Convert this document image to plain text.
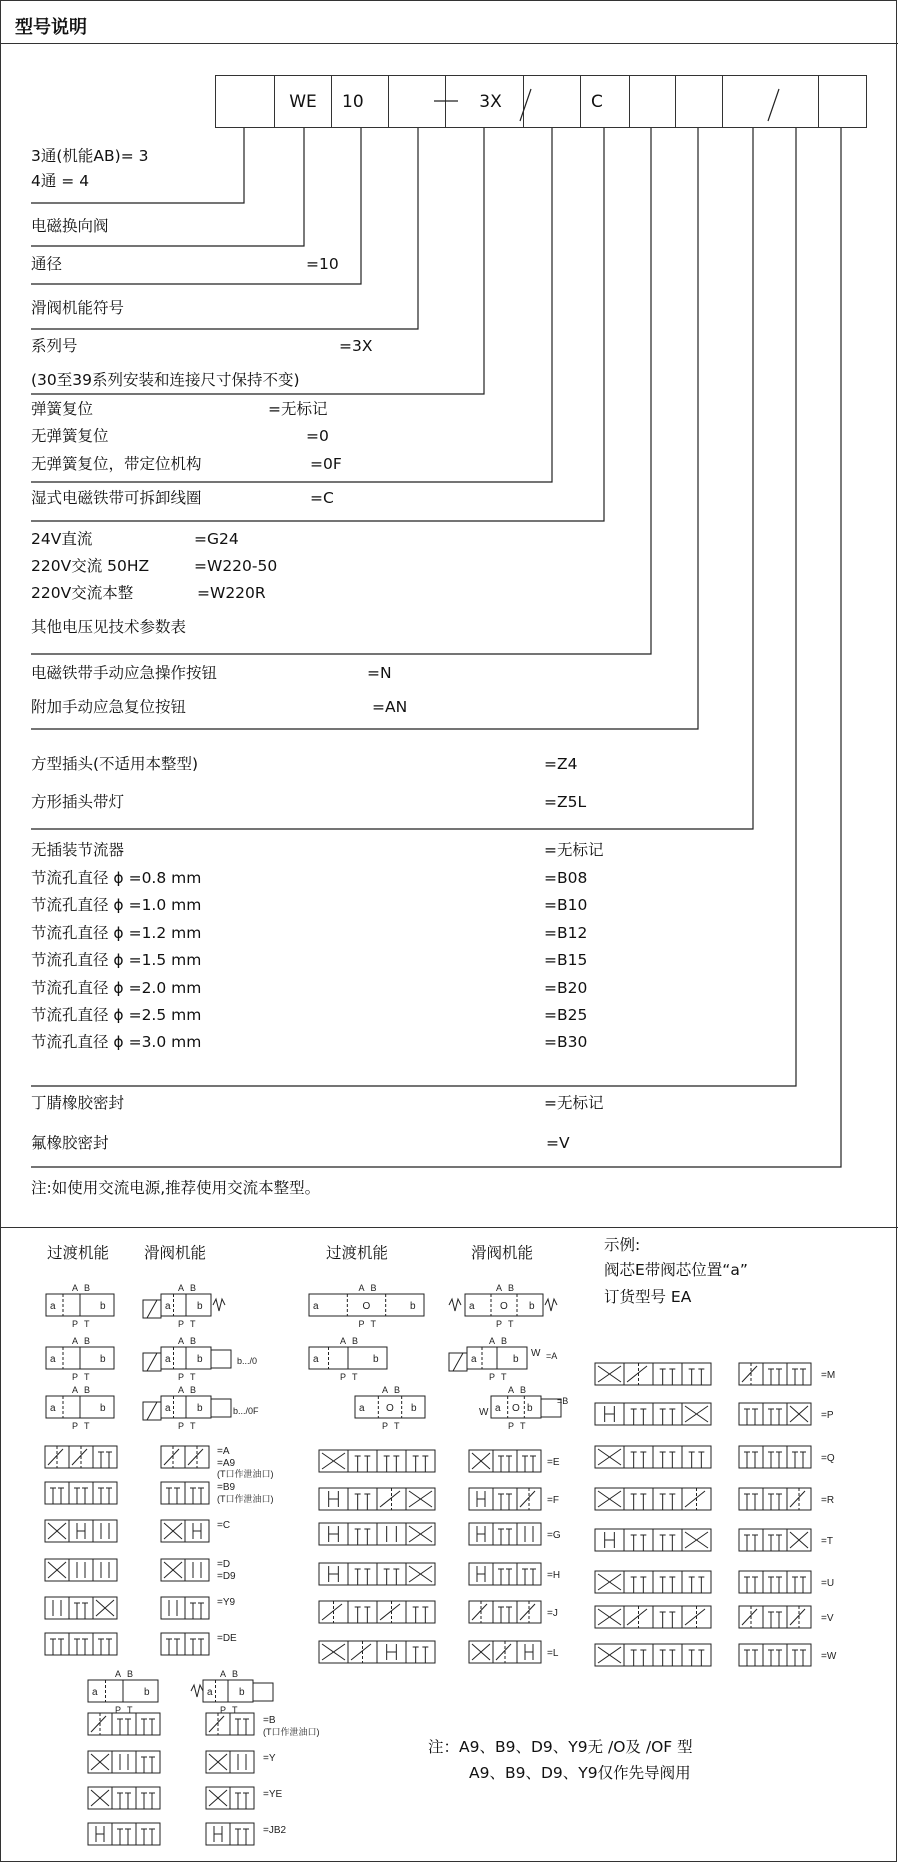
型号说明
WE	10	3X	C
3通(机能AB)= 3
4通 = 4
电磁换向阀
通径	=10
滑阀机能符号
系列号	=3X
(30至39系列安装和连接尺寸保持不变)
弹簧复位	=无标记
无弹簧复位	=0
无弹簧复位，带定位机构	=0F
湿式电磁铁带可拆卸线圈	=C
24V直流	=G24
220V交流 50HZ	=W220-50
220V交流本整	=W220R
其他电压见技术参数表
电磁铁带手动应急操作按钮	=N
附加手动应急复位按钮	=AN
方型插头(不适用本整型)	=Z4
方形插头带灯	=Z5L
无插装节流器	=无标记
节流孔直径 ϕ =0.8 mm	=B08
节流孔直径 ϕ =1.0 mm	=B10
节流孔直径 ϕ =1.2 mm	=B12
节流孔直径 ϕ =1.5 mm	=B15
节流孔直径 ϕ =2.0 mm	=B20
节流孔直径 ϕ =2.5 mm	=B25
节流孔直径 ϕ =3.0 mm	=B30
丁腈橡胶密封	=无标记
氟橡胶密封	=V
注:如使用交流电源,推荐使用交流本整型。
过渡机能 滑阀机能	过渡机能	滑阀机能	示例:
阀芯E带阀芯位置“a”
订货型号 EA
a	b
A B
P T
a	b
A B
P T
a	b
A B
P T
a	b
A B
P T
a	b
A B
P T
b.../0
a	b
A B
P T
b.../0F
=A
=A9
(T口作泄油口)
=B9
(T口作泄油口)
=C
=D
=D9
=Y9
=DE
a	b
A B
P T
a	b
A B
P T
=B
(T口作泄油口)
=Y
=YE
=JB2
a	O	b
A B
P T
a	b
A B
P T
a O b
A B
P T
a	O b
A B
P T
a	b
A B
P T
W =A
W a O b
A B
P T
=B
=E
=F
=G
=H
=J
=L
=M
=P
=Q
=R
=T
=U
=V
=W
注：A9、B9、D9、Y9无 /O及 /OF 型
A9、B9、D9、Y9仅作先导阀用
